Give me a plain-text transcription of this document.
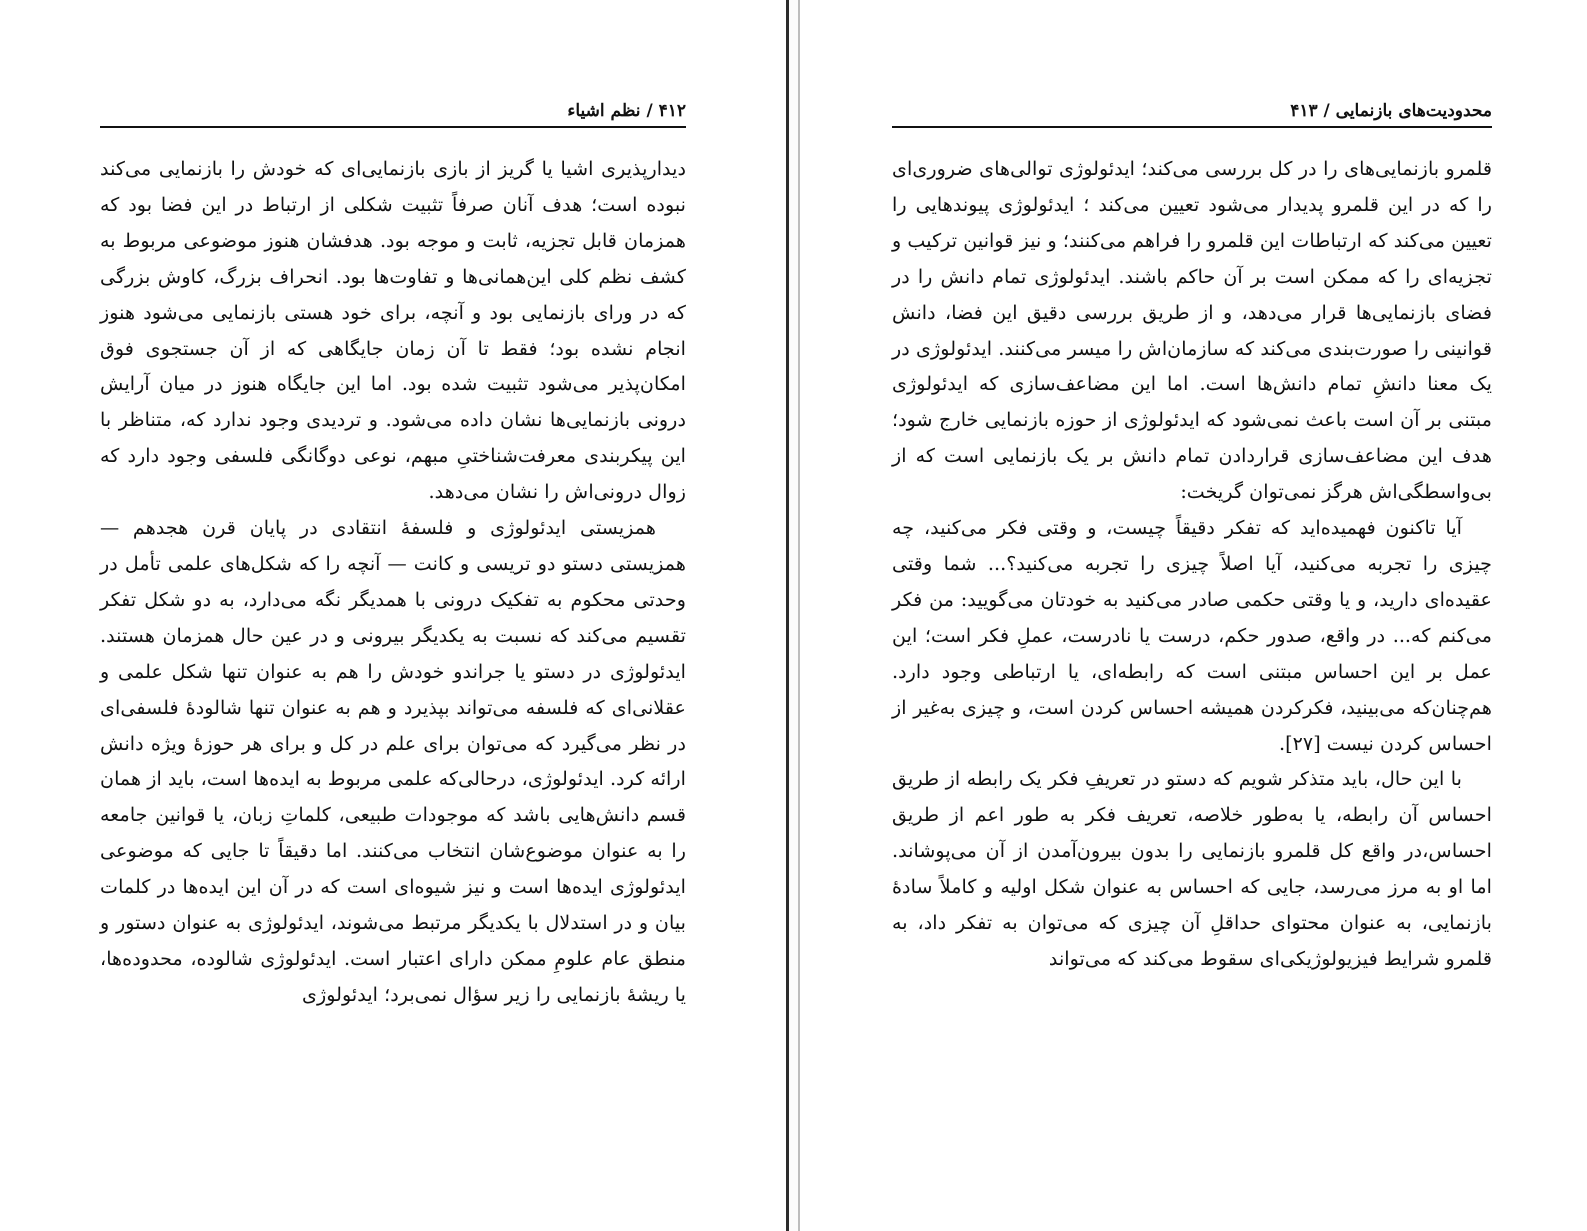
۴۱۲ / نظم اشیاء

دیدارپذیری اشیا یا گریز از بازی بازنمایی‌ای که خودش را بازنمایی می‌کند نبوده است؛ هدف آنان صرفاً تثبیت شکلی از ارتباط در این فضا بود که همزمان قابل تجزیه، ثابت و موجه بود. هدفشان هنوز موضوعی مربوط به کشف نظم کلی این‌همانی‌ها و تفاوت‌ها بود. انحراف بزرگ، کاوش بزرگی که در ورای بازنمایی بود و آنچه، برای خود هستی بازنمایی می‌شود هنوز انجام نشده بود؛ فقط تا آن زمان جایگاهی که از آن جستجوی فوق امکان‌پذیر می‌شود تثبیت شده بود. اما این جایگاه هنوز در میان آرایش درونی بازنمایی‌ها نشان داده می‌شود. و تردیدی وجود ندارد که، متناظر با این پیکربندی معرفت‌شناختیِ مبهم، نوعی دوگانگی فلسفی وجود دارد که زوال درونی‌اش را نشان می‌دهد.

همزیستی ایدئولوژی و فلسفهٔ انتقادی در پایان قرن هجدهم — همزیستی دستو دو تریسی و کانت — آنچه را که شکل‌های علمی تأمل در وحدتی محکوم به تفکیک درونی با همدیگر نگه می‌دارد، به دو شکل تفکر تقسیم می‌کند که نسبت به یکدیگر بیرونی و در عین حال همزمان هستند. ایدئولوژی در دستو یا جراندو خودش را هم به عنوان تنها شکل علمی و عقلانی‌ای که فلسفه می‌تواند بپذیرد و هم به عنوان تنها شالودهٔ فلسفی‌ای در نظر می‌گیرد که می‌توان برای علم در کل و برای هر حوزهٔ ویژه دانش ارائه کرد. ایدئولوژی، درحالی‌که علمی مربوط به ایده‌ها است، باید از همان قسم دانش‌هایی باشد که موجودات طبیعی، کلماتِ زبان، یا قوانین جامعه را به عنوان موضوع‌شان انتخاب می‌کنند. اما دقیقاً تا جایی که موضوعی ایدئولوژی ایده‌ها است و نیز شیوه‌ای است که در آن این ایده‌ها در کلمات بیان و در استدلال با یکدیگر مرتبط می‌شوند، ایدئولوژی به عنوان دستور و منطق عام علومِ ممکن دارای اعتبار است. ایدئولوژی شالوده، محدوده‌ها، یا ریشهٔ بازنمایی را زیر سؤال نمی‌برد؛ ایدئولوژی

محدودیت‌های بازنمایی / ۴۱۳

قلمرو بازنمایی‌های را در کل بررسی می‌کند؛ ایدئولوژی توالی‌های ضروری‌ای را که در این قلمرو پدیدار می‌شود تعیین می‌کند ؛ ایدئولوژی پیوندهایی را تعیین می‌کند که ارتباطات این قلمرو را فراهم می‌کنند؛ و نیز قوانین ترکیب و تجزیه‌ای را که ممکن است بر آن حاکم باشند. ایدئولوژی تمام دانش را در فضای بازنمایی‌ها قرار می‌دهد، و از طریق بررسی دقیق این فضا، دانش قوانینی را صورت‌بندی می‌کند که سازمان‌اش را میسر می‌کنند. ایدئولوژی در یک معنا دانشِ تمام دانش‌ها است. اما این مضاعف‌سازی که ایدئولوژی مبتنی بر آن است باعث نمی‌شود که ایدئولوژی از حوزه بازنمایی خارج شود؛ هدف این مضاعف‌سازی قراردادن تمام دانش بر یک بازنمایی است که از بی‌واسطگی‌اش هرگز نمی‌توان گریخت:

آیا تاکنون فهمیده‌اید که تفکر دقیقاً چیست، و وقتی فکر می‌کنید، چه چیزی را تجربه می‌کنید، آیا اصلاً چیزی را تجربه می‌کنید؟... شما وقتی عقیده‌ای دارید، و یا وقتی حکمی صادر می‌کنید به خودتان می‌گویید: من فکر می‌کنم که... در واقع، صدور حکم، درست یا نادرست، عملِ فکر است؛ این عمل بر این احساس مبتنی است که رابطه‌ای، یا ارتباطی وجود دارد. هم‌چنان‌که می‌بینید، فکرکردن همیشه احساس کردن است، و چیزی به‌غیر از احساس کردن نیست [۲۷].

با این حال، باید متذکر شویم که دستو در تعریفِ فکر یک رابطه از طریق احساس آن رابطه، یا به‌طور خلاصه، تعریف فکر به طور اعم از طریق احساس،در واقع کل قلمرو بازنمایی را بدون بیرون‌آمدن از آن می‌پوشاند. اما او به مرز می‌رسد، جایی که احساس به عنوان شکل اولیه و کاملاً سادهٔ بازنمایی، به عنوان محتوای حداقلِ آن چیزی که می‌توان به تفکر داد، به قلمرو شرایط فیزیولوژیکی‌ای سقوط می‌کند که می‌تواند
